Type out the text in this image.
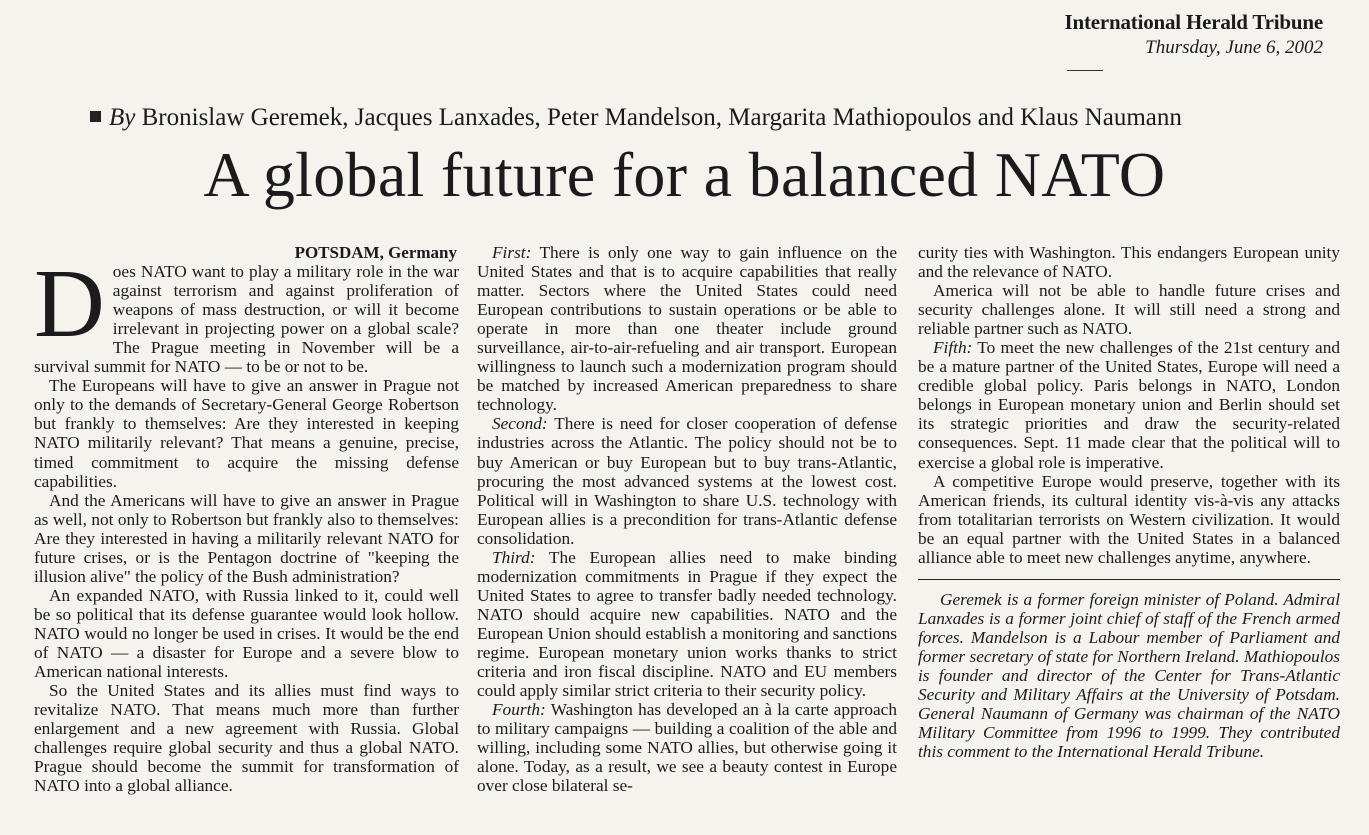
International Herald Tribune
Thursday, June 6, 2002
By Bronislaw Geremek, Jacques Lanxades, Peter Mandelson, Margarita Mathiopoulos and Klaus Naumann
A global future for a balanced NATO
POTSDAM, Germany

Does NATO want to play a military role in the war against terrorism and against proliferation of weapons of mass destruction, or will it become irrelevant in projecting power on a global scale? The Prague meeting in November will be a survival summit for NATO — to be or not to be.

The Europeans will have to give an answer in Prague not only to the demands of Secretary-General George Robertson but frankly to themselves: Are they interested in keeping NATO militarily relevant? That means a genuine, precise, timed commitment to acquire the missing defense capabilities.

And the Americans will have to give an answer in Prague as well, not only to Robertson but frankly also to themselves: Are they interested in having a militarily relevant NATO for future crises, or is the Pentagon doctrine of "keeping the illusion alive" the policy of the Bush administration?

An expanded NATO, with Russia linked to it, could well be so political that its defense guarantee would look hollow. NATO would no longer be used in crises. It would be the end of NATO — a disaster for Europe and a severe blow to American national interests.

So the United States and its allies must find ways to revitalize NATO. That means much more than further enlargement and a new agreement with Russia. Global challenges require global security and thus a global NATO. Prague should become the summit for transformation of NATO into a global alliance.

First: There is only one way to gain influence on the United States and that is to acquire capabilities that really matter. Sectors where the United States could need European contributions to sustain operations or be able to operate in more than one theater include ground surveillance, air-to-air-refueling and air transport. European willingness to launch such a modernization program should be matched by increased American preparedness to share technology.

Second: There is need for closer cooperation of defense industries across the Atlantic. The policy should not be to buy American or buy European but to buy trans-Atlantic, procuring the most advanced systems at the lowest cost. Political will in Washington to share U.S. technology with European allies is a precondition for trans-Atlantic defense consolidation.

Third: The European allies need to make binding modernization commitments in Prague if they expect the United States to agree to transfer badly needed technology. NATO should acquire new capabilities. NATO and the European Union should establish a monitoring and sanctions regime. European monetary union works thanks to strict criteria and iron fiscal discipline. NATO and EU members could apply similar strict criteria to their security policy.

Fourth: Washington has developed an à la carte approach to military campaigns — building a coalition of the able and willing, including some NATO allies, but otherwise going it alone. Today, as a result, we see a beauty contest in Europe over close bilateral se-

curity ties with Washington. This endangers European unity and the relevance of NATO.

America will not be able to handle future crises and security challenges alone. It will still need a strong and reliable partner such as NATO.

Fifth: To meet the new challenges of the 21st century and be a mature partner of the United States, Europe will need a credible global policy. Paris belongs in NATO, London belongs in European monetary union and Berlin should set its strategic priorities and draw the security-related consequences. Sept. 11 made clear that the political will to exercise a global role is imperative.

A competitive Europe would preserve, together with its American friends, its cultural identity vis-à-vis any attacks from totalitarian terrorists on Western civilization. It would be an equal partner with the United States in a balanced alliance able to meet new challenges anytime, anywhere.

Geremek is a former foreign minister of Poland. Admiral Lanxades is a former joint chief of staff of the French armed forces. Mandelson is a Labour member of Parliament and former secretary of state for Northern Ireland. Mathiopoulos is founder and director of the Center for Trans-Atlantic Security and Military Affairs at the University of Potsdam. General Naumann of Germany was chairman of the NATO Military Committee from 1996 to 1999. They contributed this comment to the International Herald Tribune.
